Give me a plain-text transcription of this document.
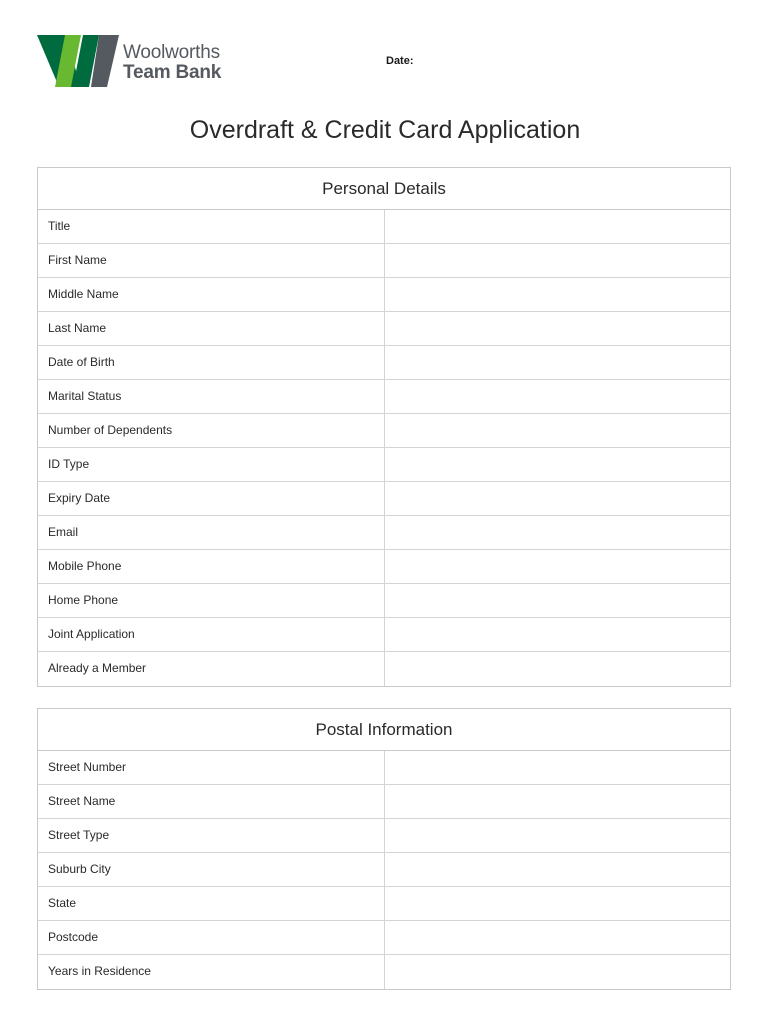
Woolworths
Team Bank
Date:
Overdraft & Credit Card Application
Personal Details
Title
First Name
Middle Name
Last Name
Date of Birth
Marital Status
Number of Dependents
ID Type
Expiry Date
Email
Mobile Phone
Home Phone
Joint Application
Already a Member
Postal Information
Street Number
Street Name
Street Type
Suburb City
State
Postcode
Years in Residence
